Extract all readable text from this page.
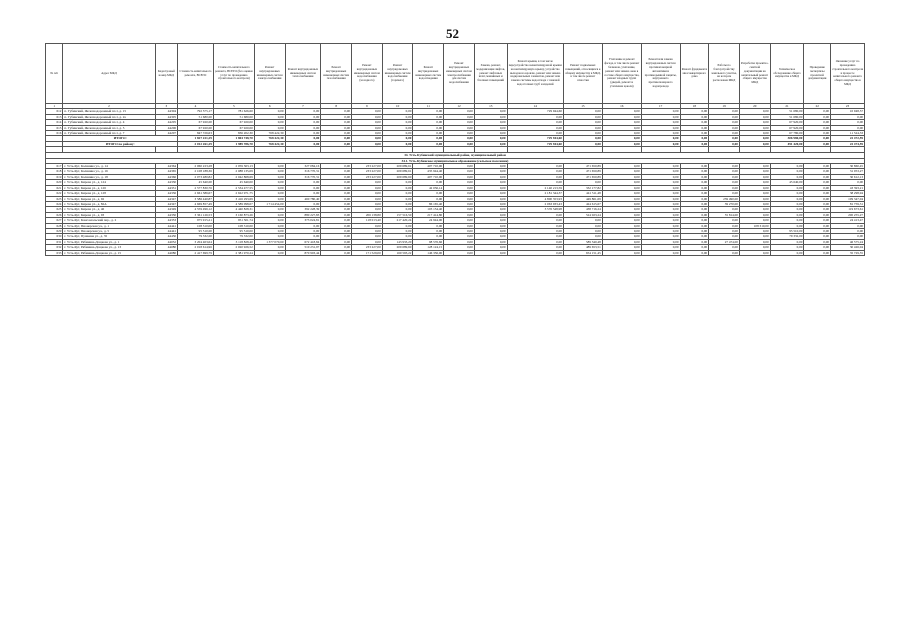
52
№ п/п	Адрес МКД	Кадастровый номер МКД	Стоимость капитального ремонта, ВСЕГО	Стоимость капитального ремонта, ВСЕГО (без оценки услуг по проведению строительного контроля)	Ремонт внутридомовых инженерных систем электроснабжения	Ремонт внутридомовых инженерных систем теплоснабжения	Ремонт внутридомовых инженерных систем газоснабжения	Ремонт внутридомовых инженерных систем водоснабжения (холодного)	Ремонт внутридомовых инженерных систем водоснабжения (горячего)	Ремонт внутридомовых инженерных систем водоотведения	Ремонт внутридомовых инженерных систем электроснабжения для систем водоснабжения	Замена, ремонт, модернизация лифтов, ремонт лифтовых шахт, машинных и блочных помещений	Ремонт крыши, в том числе переустройство невентилируемой крыши на вентилируемую крышу, устройство выходов на кровлю, ремонт или замена надкровельных элементов, ремонт или замена системы водоотвода с заменой водосточных труб и изделий	Ремонт подвальных помещений, относящихся к общему имуществу в МКД, в том числе ремонт отмостки	Утепление и ремонт фасада, в том числе ремонт балконов, утепление, ремонт или замена окон в составе общего имущества, ремонт входных групп (дверей, ремонт и утепление цоколя)	Ремонт или замена внутридомовых систем противопожарной автоматики и противодымной защиты, внутреннего противопожарного водопровода	Ремонт фундамента многоквартирного дома	Работы по благоустройству земельного участка, на котором расположен МКД	Разработка проектно-сметной документации на капитальный ремонт общего имущества МКД	Техническое обследование общего имущества в МКД	Проведение экспертизы проектной документации	Оказание услуг по проведению строительного контроля в процессе капитального ремонта общего имущества в МКД
1	2	3	4	5	6	7	8	9	10	11	12	13	14	15	16	17	18	19	20	21	22	23
612	п. Губинский, Железнодорожный пл-т, д. 15	44304	792 575,17	781 626,60	0,00	0,00	0,00	0,00	0,00	0,00	0,00	0,00	729 944,60	0,00	0,00	0,00	0,00	0,00	0,00	51 680,00	0,00	10 948,57
613	п. Губинский, Железнодорожный пл-т, д. 2а	44305	51 680,00	51 680,00	0,00	0,00	0,00	0,00	0,00	0,00	0,00	0,00	0,00	0,00	0,00	0,00	0,00	0,00	0,00	51 680,00	0,00	0,00
614	п. Губинский, Железнодорожный пл-т, д. 4	44205	67 920,00	67 920,00	0,00	0,00	0,00	0,00	0,00	0,00	0,00	0,00	0,00	0,00	0,00	0,00	0,00	0,00	0,00	67 920,00	0,00	0,00
615	п. Губинский, Железнодорожный пл-т, д. 5	44206	67 920,00	67 920,00	0,00	0,00	0,00	0,00	0,00	0,00	0,00	0,00	0,00	0,00	0,00	0,00	0,00	0,00	0,00	67 920,00	0,00	0,00
616	п. Губинский, Железнодорожный пл-т, д. 7	44207	847 726,63	836 202,30	768 422,30	0,00	0,00	0,00	0,00	0,00	0,00	0,00	0,00	0,00	0,00	0,00	0,00	0,00	0,00	67 780,00	0,00	11 524,33
	ИТОГО:		1 827 221,29	1 804 748,70	768 422,30	0,00	0,00	0,00	0,00	0,00	0,00	0,00	729 944,60	0,00	0,00	0,00	0,00	0,00	0,00	306 980,00	0,00	22 472,59
	ИТОГО по району:		2 012 261,29	1 989 786,70	768 422,30	0,00	0,00	0,00	0,00	0,00	0,00	0,00	729 944,60	0,00	0,00	0,00	0,00	0,00	0,00	491 420,00	0,00	22 474,59

34. Усть-Кубинский муниципальный район, муниципальный район																						
34.1. Усть-Кубинское муниципальное образование (сельское поселение)																						
617	г. Усть-Кут, Калинина ул., д. 14	44364	2 060 223,28	2 059 363,13	0,00	327 084,16	0,00	233 227,00	209 689,61	407 710,00	0,00	0,00	0,00	471 650,89	0,00	0,00	0,00	0,00	0,00	0,00	0,00	30 860,45
618	г. Усть-Кут, Калинина ул., д. 16	44365	2 108 188,36	2 088 135,09	0,00	316 770,31	0,00	233 227,00	209 689,61	435 944,40	0,00	0,00	0,00	471 650,89	0,00	0,00	0,00	0,00	0,00	0,00	0,00	31 053,27
619	г. Усть-Кут, Калинина ул., д. 18	44366	2 073 480,82	2 042 868,69	0,00	316 770,31	0,00	233 227,00	209 689,60	407 710,00	0,00	0,00	0,00	471 650,89	0,00	0,00	0,00	0,00	0,00	0,00	0,00	30 612,13
620	г. Усть-Кут, Кирова ул., д. 124	44330	45 640,00	45 640,00	0,00	0,00	0,00	0,00	0,00	0,00	0,00	0,00	0,00	0,00	0,00	0,00	0,00	0,00	0,00	45 640,00	0,00	0,00
621	г. Усть-Кут, Кирова ул., д. 126	44331	2 577 830,76	2 534 477,55	0,00	0,00	0,00	0,00	0,00	42 036,14	0,00	0,00	2 140 213,59	332 177,82	0,00	0,00	0,00	0,00	0,00	0,00	0,00	43 393,21
622	г. Усть-Кут, Кирова ул., д. 128	44336	2 661 386,67	2 622 971,75	0,00	0,00	0,00	0,00	0,00	0,00	0,00	0,00	2 181 344,37	441 511,48	0,00	0,00	0,00	0,00	0,00	0,00	0,00	38 298,94
623	г. Усть-Кут, Кирова ул., д. 92	44347	3 586 440,87	3 416 293,69	0,00	460 780,40	0,00	0,00	0,00	0,00	0,00	0,00	4 800 353,93	449 861,69	0,00	0,00	0,00	239 490,00	0,00	0,00	0,00	109 347,04
624	г. Усть-Кут, Кирова ул., д. 82А	44347	4 669 857,49	4 589 098,07	1 714 454,00	0,00	0,00	0,00	0,00	86 165,40	0,00	0,00	2 063 933,43	424 615,67	0,00	0,00	0,00	39 270,00	0,00	0,00	0,00	81 759,31
625	г. Усть-Кут, Кирова ул., д. 46	44349	4 559 496,12	4 440 828,31	0,00	392 228,39	0,00	0,00	0,00	103 154,40	0,00	0,00	3 576 548,98	438 716,24	0,00	0,00	0,00	0,00	0,00	0,00	0,00	119 673,61
626	г. Усть-Кут, Кирова ул., д. 93	44350	3 361 126,53	3 160 873,26	0,00	880 227,83	0,00	206 138,80	157 516,50	217 414,80	0,00	0,00	0,00	524 023,24	0,00	0,00	0,00	55 814,00	0,00	0,00	0,00	200 255,27
627	г. Усть-Кут, Комсомольский пер., д. 2	44353	975 915,21	951 501,74	0,00	373 024,81	0,00	118 013,40	217 420,24	24 944,00	0,00	0,00	0,00	0,00	0,00	0,00	0,00	0,00	0,00	0,00	0,00	24 413,47
628	г. Усть-Кут, Пионерская ул., д. 1	44441	108 310,00	108 310,00	0,00	0,00	0,00	0,00	0,00	0,00	0,00	0,00	0,00	0,00	0,00	0,00	0,00	0,00	108 310,00	0,00	0,00	0,00
629	г. Усть-Кут, Пионерская ул., д. 5	44441	95 510,00	95 510,00	0,00	0,00	0,00	0,00	0,00	0,00	0,00	0,00	0,00	0,00	0,00	0,00	0,00	0,00	0,00	95 510,00	0,00	0,00
630	г. Усть-Кут, Пушкина ул., д. 35	44450	79 332,00	79 332,00	0,00	0,00	0,00	0,00	0,00	0,00	0,00	0,00	0,00	0,00	0,00	0,00	0,00	0,00	0,00	79 332,00	0,00	0,00
631	г. Усть-Кут, Рябинина-Дощкова ул., д. 1	44052	3 204 403,64	3 118 828,40	1 377 070,60	672 418,84	0,00	0,00	143 933,20	98 576,66	0,00	0,00	0,00	589 340,48	0,00	0,00	0,00	27 474,00	0,00	0,00	0,00	46 575,24
632	г. Усть-Кут, Рябинина-Дощкова ул., д. 13	44080	2 018 614,96	2 020 926,52	0,00	510 231,97	0,00	233 227,00	209 689,60	128 124,15	0,00	0,00	0,00	489 653,51	0,00	0,00	0,00	0,00	0,00	0,00	0,00	30 426,04
633	г. Усть-Кут, Рябинина-Дощкова ул., д. 15	44080	2 417 699,79	2 381 970,24	0,00	870 903,44	0,00	171 529,00	160 593,22	146 356,00	0,00	0,00	0,00	654 151,45	0,00	0,00	0,00	0,00	0,00	0,00	0,00	35 729,55
